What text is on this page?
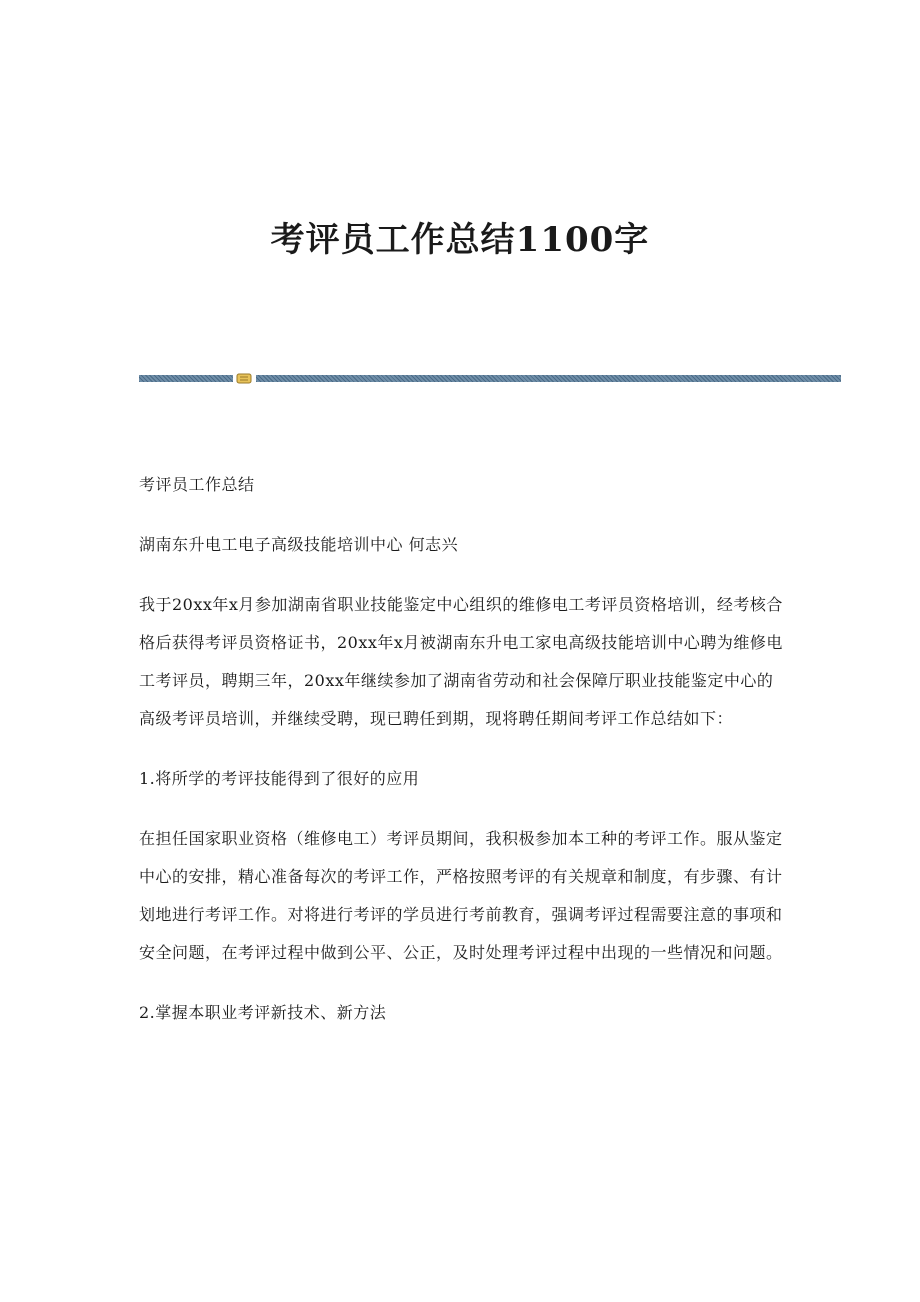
考评员工作总结1100字

考评员工作总结

湖南东升电工电子高级技能培训中心 何志兴

我于20xx年x月参加湖南省职业技能鉴定中心组织的维修电工考评员资格培训，经考核合格后获得考评员资格证书，20xx年x月被湖南东升电工家电高级技能培训中心聘为维修电工考评员，聘期三年，20xx年继续参加了湖南省劳动和社会保障厅职业技能鉴定中心的高级考评员培训，并继续受聘，现已聘任到期，现将聘任期间考评工作总结如下：

1.将所学的考评技能得到了很好的应用

在担任国家职业资格（维修电工）考评员期间，我积极参加本工种的考评工作。服从鉴定中心的安排，精心准备每次的考评工作，严格按照考评的有关规章和制度，有步骤、有计划地进行考评工作。对将进行考评的学员进行考前教育，强调考评过程需要注意的事项和安全问题，在考评过程中做到公平、公正，及时处理考评过程中出现的一些情况和问题。

2.掌握本职业考评新技术、新方法
